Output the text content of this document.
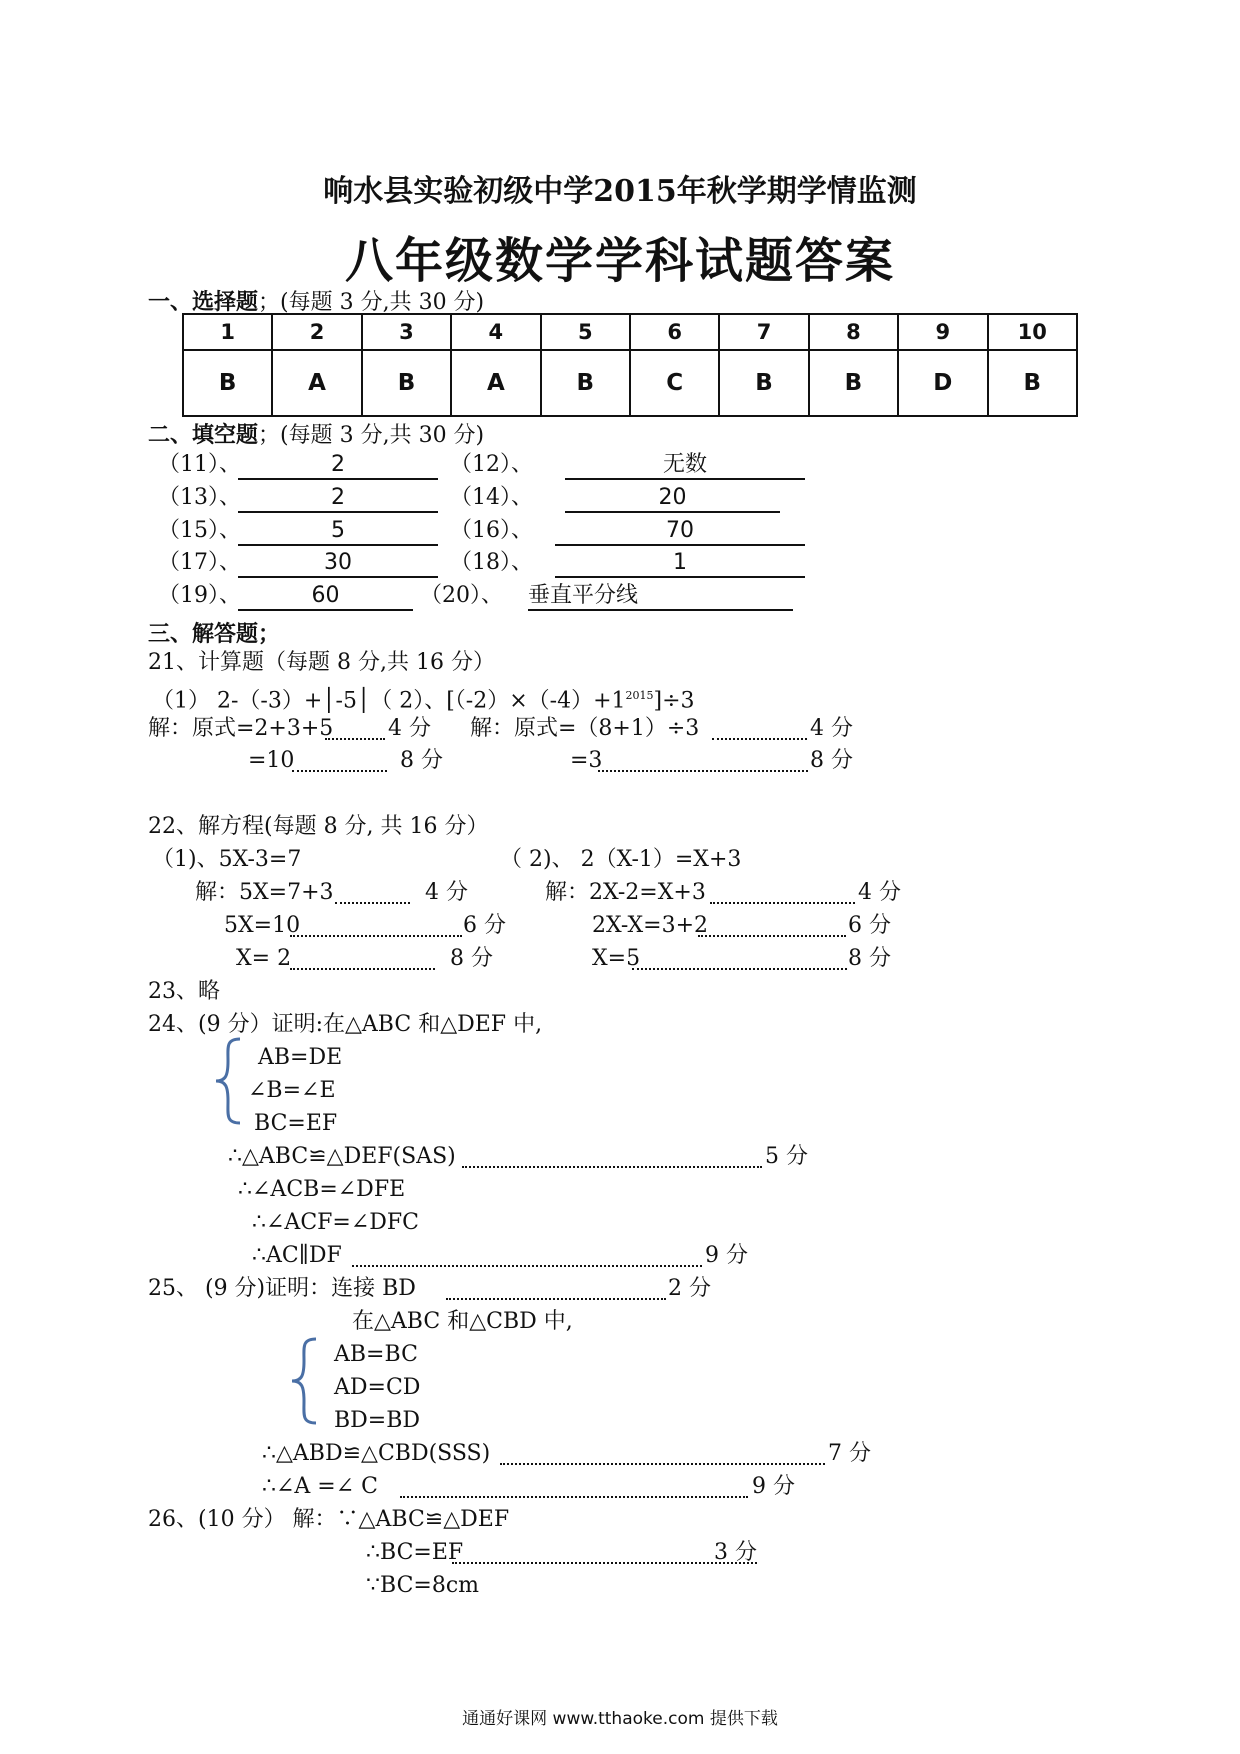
响水县实验初级中学2015年秋学期学情监测
八年级数学学科试题答案
一、选择题；(每题 3 分,共 30 分)
1	2	3	4	5	6	7	8	9	10
B	A	B	A	B	C	B	B	D	B
二、填空题；(每题 3 分,共 30 分)
（11）、	2	（12）、	无数
（13）、	2	（14）、	20
（15）、	5	（16）、	70
（17）、	30	（18）、	1
（19）、	60	（20）、 垂直平分线
三、解答题；
21、计算题（每题 8 分,共 16 分）
（1） 2-（-3）+│-5│（ 2）、$[(-2)\times(-4)+1^{2015}]\div 3$
解：原式=2+3+5 4 分 解：原式=（8+1）÷3	4 分
=10	8 分	=3	8 分
22、解方程(每题 8 分, 共 16 分）
（1)、5X-3=7	（ 2)、 2（X-1）=X+3
解：5X=7+3	4 分	解：2X-2=X+3	4 分
5X=10	6 分	2X-X=3+2	6 分
X= 2	8 分	X=5	8 分
23、略
24、(9 分）证明:在△ABC 和△DEF 中,
AB=DE
∠B=∠E
BC=EF
∴△ABC≌△DEF(SAS)	5 分
∴∠ACB=∠DFE
∴∠ACF=∠DFC
∴AC∥DF	9 分
25、 (9 分)证明：连接 BD	2 分
在△ABC 和△CBD 中,
AB=BC
AD=CD
BD=BD
∴△ABD≌△CBD(SSS)	7 分
∴∠A =∠ C	9 分
26、(10 分） 解：∵△ABC≌△DEF
∴BC=EF	3 分
∵BC=8cm
通通好课网 www.tthaoke.com 提供下载
